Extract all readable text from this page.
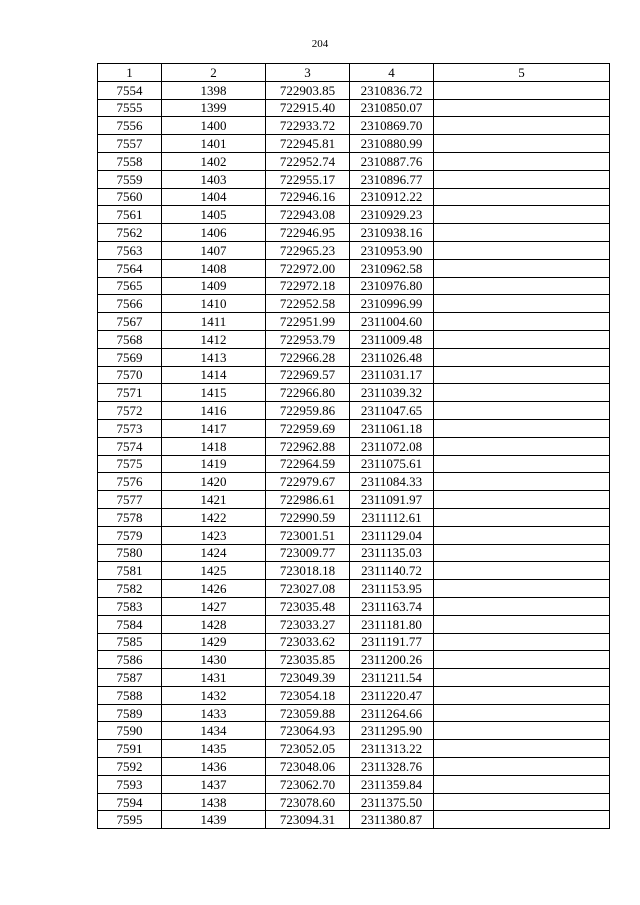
204
1	2	3	4	5
7554	1398	722903.85	2310836.72	
7555	1399	722915.40	2310850.07	
7556	1400	722933.72	2310869.70	
7557	1401	722945.81	2310880.99	
7558	1402	722952.74	2310887.76	
7559	1403	722955.17	2310896.77	
7560	1404	722946.16	2310912.22	
7561	1405	722943.08	2310929.23	
7562	1406	722946.95	2310938.16	
7563	1407	722965.23	2310953.90	
7564	1408	722972.00	2310962.58	
7565	1409	722972.18	2310976.80	
7566	1410	722952.58	2310996.99	
7567	1411	722951.99	2311004.60	
7568	1412	722953.79	2311009.48	
7569	1413	722966.28	2311026.48	
7570	1414	722969.57	2311031.17	
7571	1415	722966.80	2311039.32	
7572	1416	722959.86	2311047.65	
7573	1417	722959.69	2311061.18	
7574	1418	722962.88	2311072.08	
7575	1419	722964.59	2311075.61	
7576	1420	722979.67	2311084.33	
7577	1421	722986.61	2311091.97	
7578	1422	722990.59	2311112.61	
7579	1423	723001.51	2311129.04	
7580	1424	723009.77	2311135.03	
7581	1425	723018.18	2311140.72	
7582	1426	723027.08	2311153.95	
7583	1427	723035.48	2311163.74	
7584	1428	723033.27	2311181.80	
7585	1429	723033.62	2311191.77	
7586	1430	723035.85	2311200.26	
7587	1431	723049.39	2311211.54	
7588	1432	723054.18	2311220.47	
7589	1433	723059.88	2311264.66	
7590	1434	723064.93	2311295.90	
7591	1435	723052.05	2311313.22	
7592	1436	723048.06	2311328.76	
7593	1437	723062.70	2311359.84	
7594	1438	723078.60	2311375.50	
7595	1439	723094.31	2311380.87	
